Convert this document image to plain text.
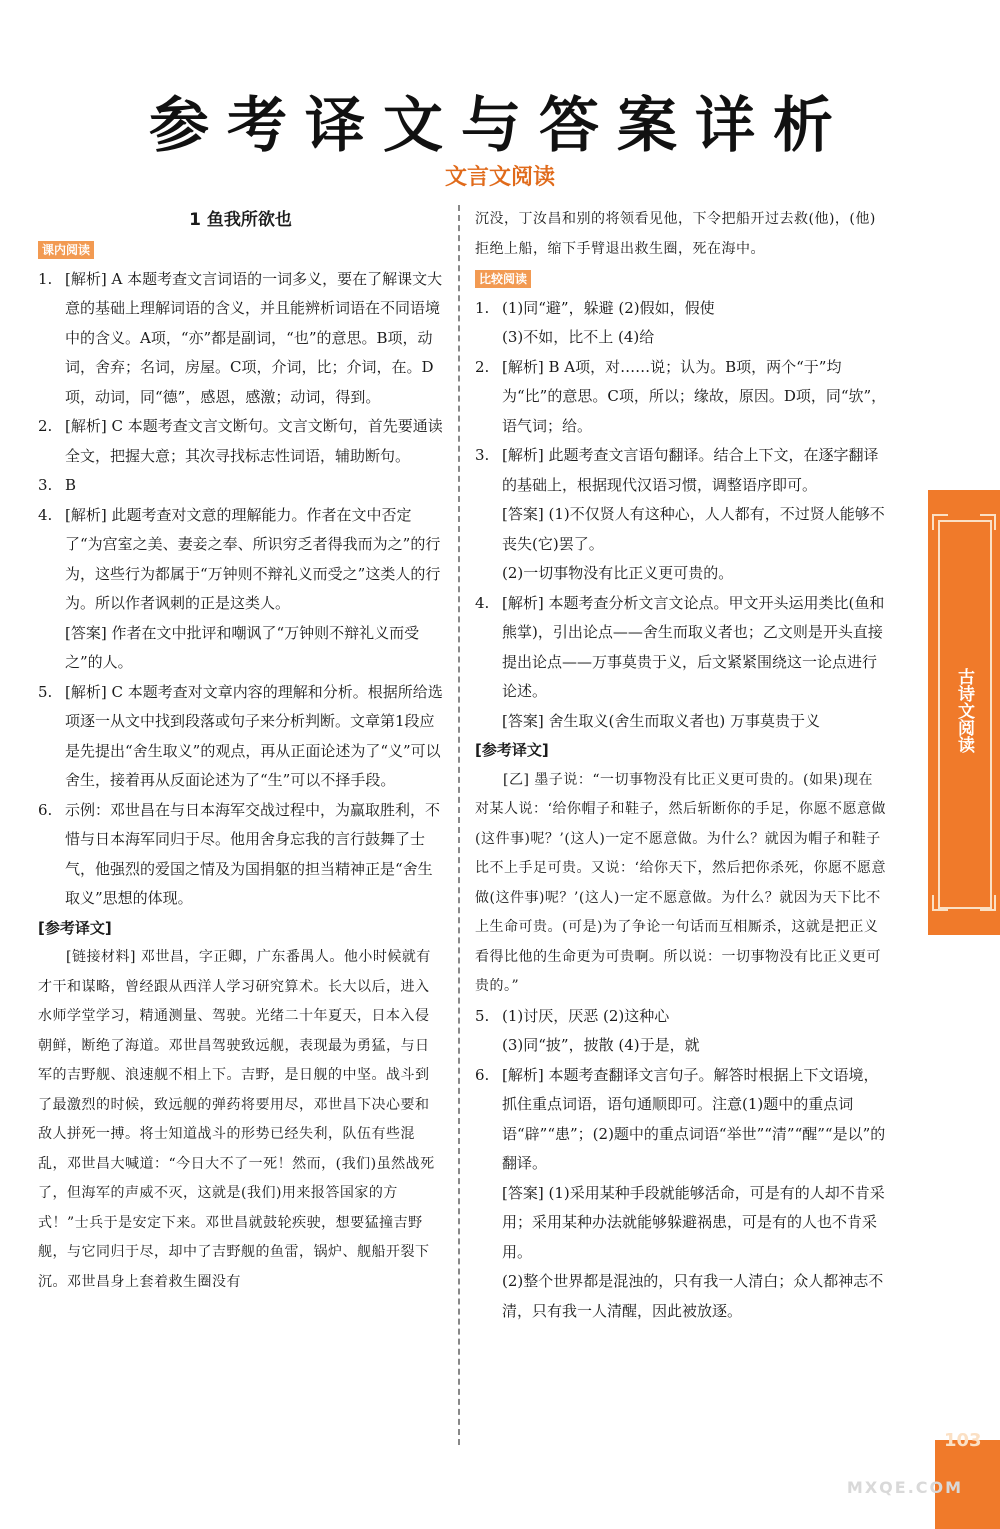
参考译文与答案详析
文言文阅读
1 鱼我所欲也
课内阅读
1. [解析] A 本题考查文言词语的一词多义，要在了解课文大意的基础上理解词语的含义，并且能辨析词语在不同语境中的含义。A项，“亦”都是副词，“也”的意思。B项，动词，舍弃；名词，房屋。C项，介词，比；介词，在。D项，动词，同“德”，感恩，感激；动词，得到。

2. [解析] C 本题考查文言文断句。文言文断句，首先要通读全文，把握大意；其次寻找标志性词语，辅助断句。

3. B

4. [解析] 此题考查对文意的理解能力。作者在文中否定了“为宫室之美、妻妾之奉、所识穷乏者得我而为之”的行为，这些行为都属于“万钟则不辩礼义而受之”这类人的行为。所以作者讽刺的正是这类人。

[答案] 作者在文中批评和嘲讽了“万钟则不辩礼义而受之”的人。

5. [解析] C 本题考查对文章内容的理解和分析。根据所给选项逐一从文中找到段落或句子来分析判断。文章第1段应是先提出“舍生取义”的观点，再从正面论述为了“义”可以舍生，接着再从反面论述为了“生”可以不择手段。

6. 示例：邓世昌在与日本海军交战过程中，为赢取胜利，不惜与日本海军同归于尽。他用舍身忘我的言行鼓舞了士气，他强烈的爱国之情及为国捐躯的担当精神正是“舍生取义”思想的体现。

[参考译文]

[链接材料] 邓世昌，字正卿，广东番禺人。他小时候就有才干和谋略，曾经跟从西洋人学习研究算术。长大以后，进入水师学堂学习，精通测量、驾驶。光绪二十年夏天，日本入侵朝鲜，断绝了海道。邓世昌驾驶致远舰，表现最为勇猛，与日军的吉野舰、浪速舰不相上下。吉野，是日舰的中坚。战斗到了最激烈的时候，致远舰的弹药将要用尽，邓世昌下决心要和敌人拼死一搏。将士知道战斗的形势已经失利，队伍有些混乱，邓世昌大喊道：“今日大不了一死！然而，(我们)虽然战死了，但海军的声威不灭，这就是(我们)用来报答国家的方式！”士兵于是安定下来。邓世昌就鼓轮疾驶，想要猛撞吉野舰，与它同归于尽，却中了吉野舰的鱼雷，锅炉、舰船开裂下沉。邓世昌身上套着救生圈没有

沉没，丁汝昌和别的将领看见他，下令把船开过去救(他)，(他)拒绝上船，缩下手臂退出救生圈，死在海中。

比较阅读
1. (1)同“避”，躲避 (2)假如，假使

(3)不如，比不上 (4)给

2. [解析] B A项，对……说；认为。B项，两个“于”均为“比”的意思。C项，所以；缘故，原因。D项，同“欤”，语气词；给。

3. [解析] 此题考查文言语句翻译。结合上下文，在逐字翻译的基础上，根据现代汉语习惯，调整语序即可。

[答案] (1)不仅贤人有这种心，人人都有，不过贤人能够不丧失(它)罢了。

(2)一切事物没有比正义更可贵的。

4. [解析] 本题考查分析文言文论点。甲文开头运用类比(鱼和熊掌)，引出论点——舍生而取义者也；乙文则是开头直接提出论点——万事莫贵于义，后文紧紧围绕这一论点进行论述。

[答案] 舍生取义(舍生而取义者也) 万事莫贵于义

[参考译文]

[乙] 墨子说：“一切事物没有比正义更可贵的。(如果)现在对某人说：‘给你帽子和鞋子，然后斩断你的手足，你愿不愿意做(这件事)呢？’(这人)一定不愿意做。为什么？就因为帽子和鞋子比不上手足可贵。又说：‘给你天下，然后把你杀死，你愿不愿意做(这件事)呢？’(这人)一定不愿意做。为什么？就因为天下比不上生命可贵。(可是)为了争论一句话而互相厮杀，这就是把正义看得比他的生命更为可贵啊。所以说：一切事物没有比正义更可贵的。”

5. (1)讨厌，厌恶 (2)这种心

(3)同“披”，披散 (4)于是，就

6. [解析] 本题考查翻译文言句子。解答时根据上下文语境，抓住重点词语，语句通顺即可。注意(1)题中的重点词语“辟”“患”；(2)题中的重点词语“举世”“清”“醒”“是以”的翻译。

[答案] (1)采用某种手段就能够活命，可是有的人却不肯采用；采用某种办法就能够躲避祸患，可是有的人也不肯采用。

(2)整个世界都是混浊的，只有我一人清白；众人都神志不清，只有我一人清醒，因此被放逐。

古诗文阅读
103
MXQE.COM
